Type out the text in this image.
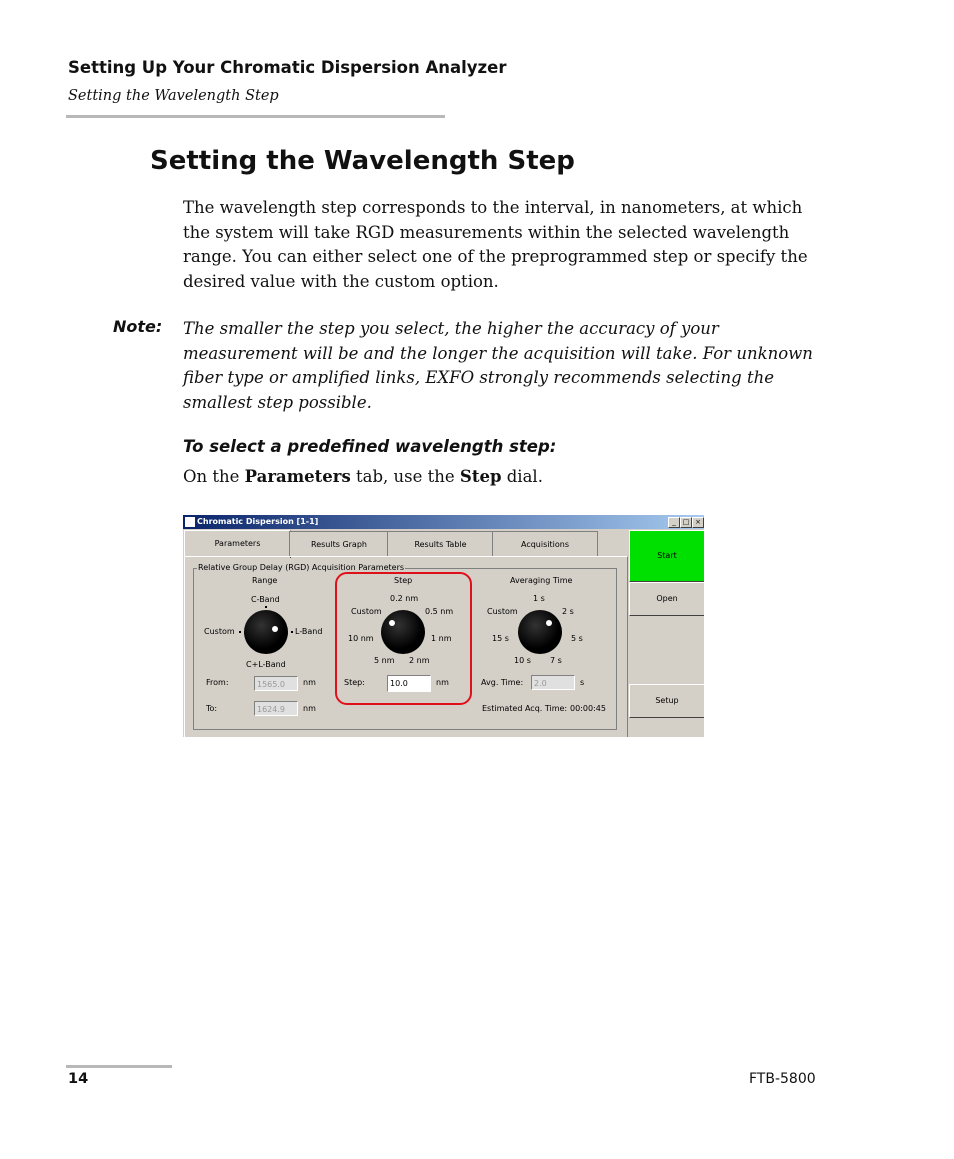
Setting Up Your Chromatic Dispersion Analyzer
Setting the Wavelength Step
Setting the Wavelength Step
The wavelength step corresponds to the interval, in nanometers, at which the system will take RGD measurements within the selected wavelength range. You can either select one of the preprogrammed step or specify the desired value with the custom option.
Note: The smaller the step you select, the higher the accuracy of your measurement will be and the longer the acquisition will take. For unknown fiber type or amplified links, EXFO strongly recommends selecting the smallest step possible.
To select a predefined wavelength step:
On the Parameters tab, use the Step dial.
Chromatic Dispersion [1-1]	_ □ ×
Parameters	Results Graph	Results Table	Acquisitions
Relative Group Delay (RGD) Acquisition Parameters
Range
C-Band
Custom	L-Band
C+L-Band
From:	1565.0	nm
To:	1624.9	nm
Step
0.2 nm
Custom	0.5 nm
10 nm	1 nm
5 nm 2 nm
Step:	10.0	nm
Averaging Time
1 s
Custom	2 s
15 s	5 s
10 s 7 s
Avg. Time:	2.0	s
Estimated Acq. Time: 00:00:45
Start
Open
Setup
14	FTB-5800
